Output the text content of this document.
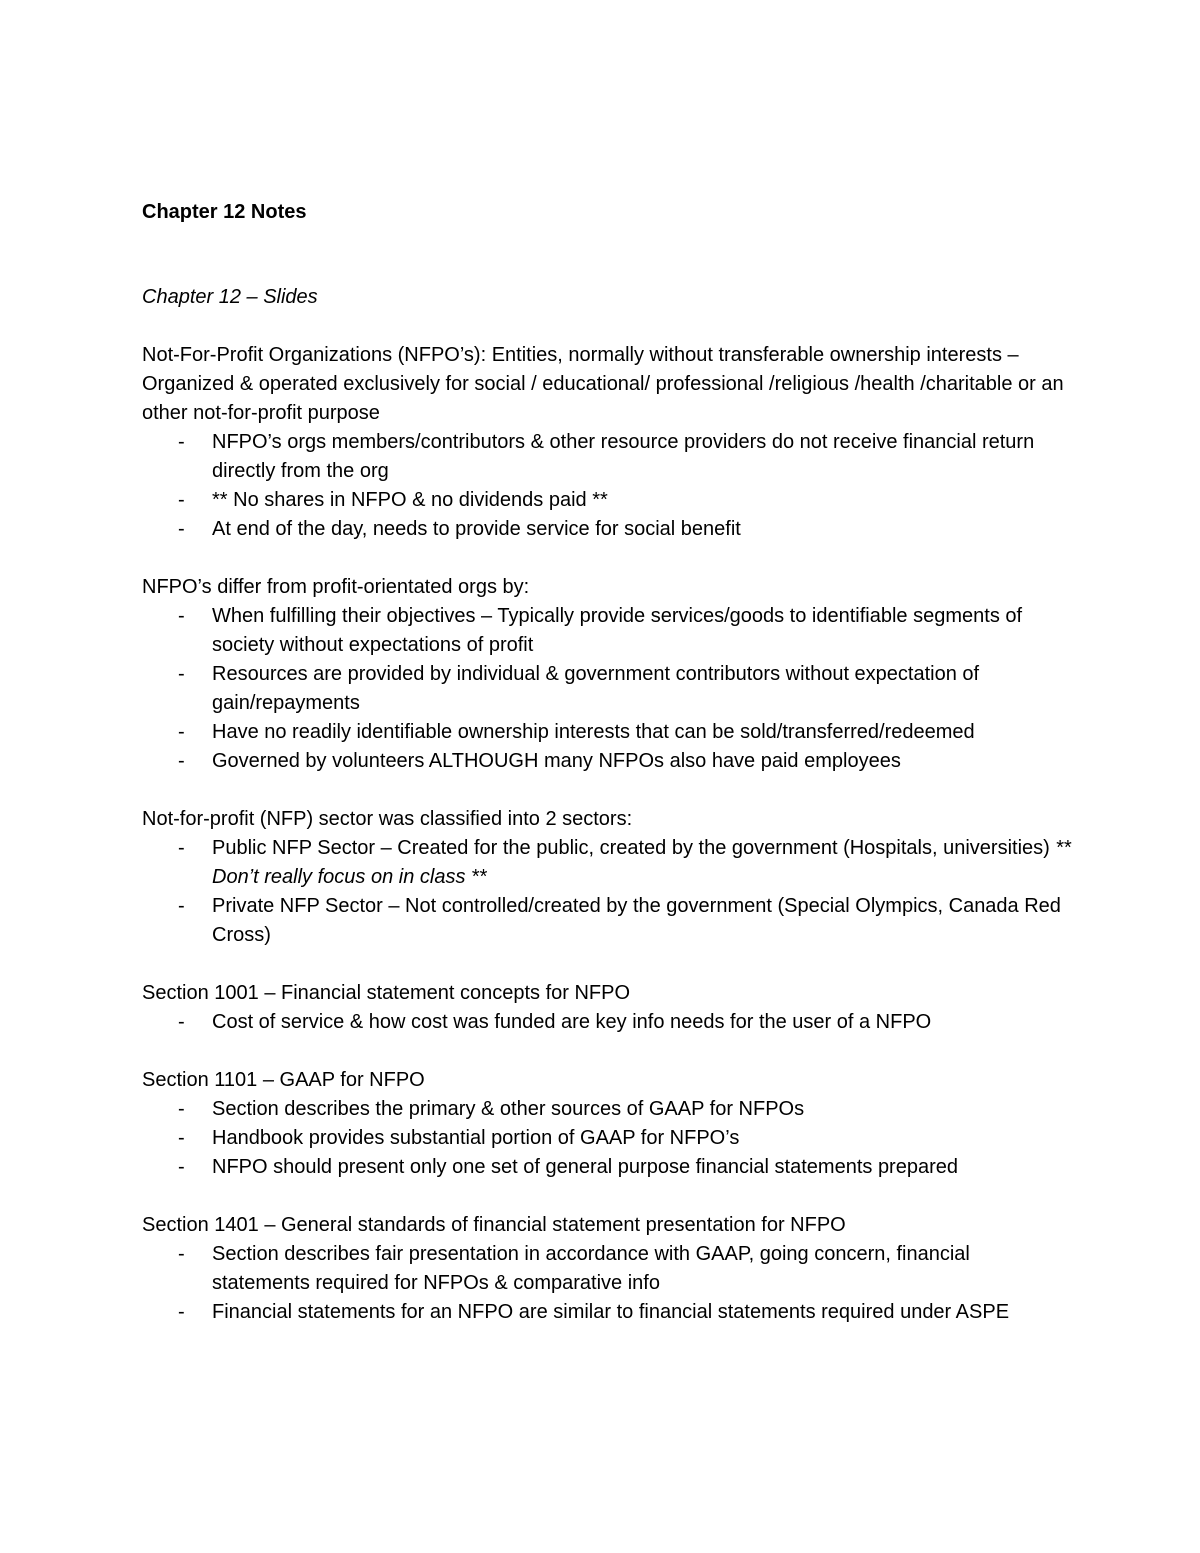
Chapter 12 Notes

Chapter 12 – Slides

Not-For-Profit Organizations (NFPO’s): Entities, normally without transferable ownership interests – Organized & operated exclusively for social / educational/ professional /religious /health /charitable or an other not-for-profit purpose

- NFPO’s orgs members/contributors & other resource providers do not receive financial return directly from the org
- ** No shares in NFPO & no dividends paid **
- At end of the day, needs to provide service for social benefit

NFPO’s differ from profit-orientated orgs by:

- When fulfilling their objectives – Typically provide services/goods to identifiable segments of society without expectations of profit
- Resources are provided by individual & government contributors without expectation of gain/repayments
- Have no readily identifiable ownership interests that can be sold/transferred/redeemed
- Governed by volunteers ALTHOUGH many NFPOs also have paid employees

Not-for-profit (NFP) sector was classified into 2 sectors:

- Public NFP Sector – Created for the public, created by the government (Hospitals, universities) ** Don’t really focus on in class **
- Private NFP Sector – Not controlled/created by the government (Special Olympics, Canada Red Cross)

Section 1001 – Financial statement concepts for NFPO

- Cost of service & how cost was funded are key info needs for the user of a NFPO

Section 1101 – GAAP for NFPO

- Section describes the primary & other sources of GAAP for NFPOs
- Handbook provides substantial portion of GAAP for NFPO’s
- NFPO should present only one set of general purpose financial statements prepared

Section 1401 – General standards of financial statement presentation for NFPO

- Section describes fair presentation in accordance with GAAP, going concern, financial statements required for NFPOs & comparative info
- Financial statements for an NFPO are similar to financial statements required under ASPE
